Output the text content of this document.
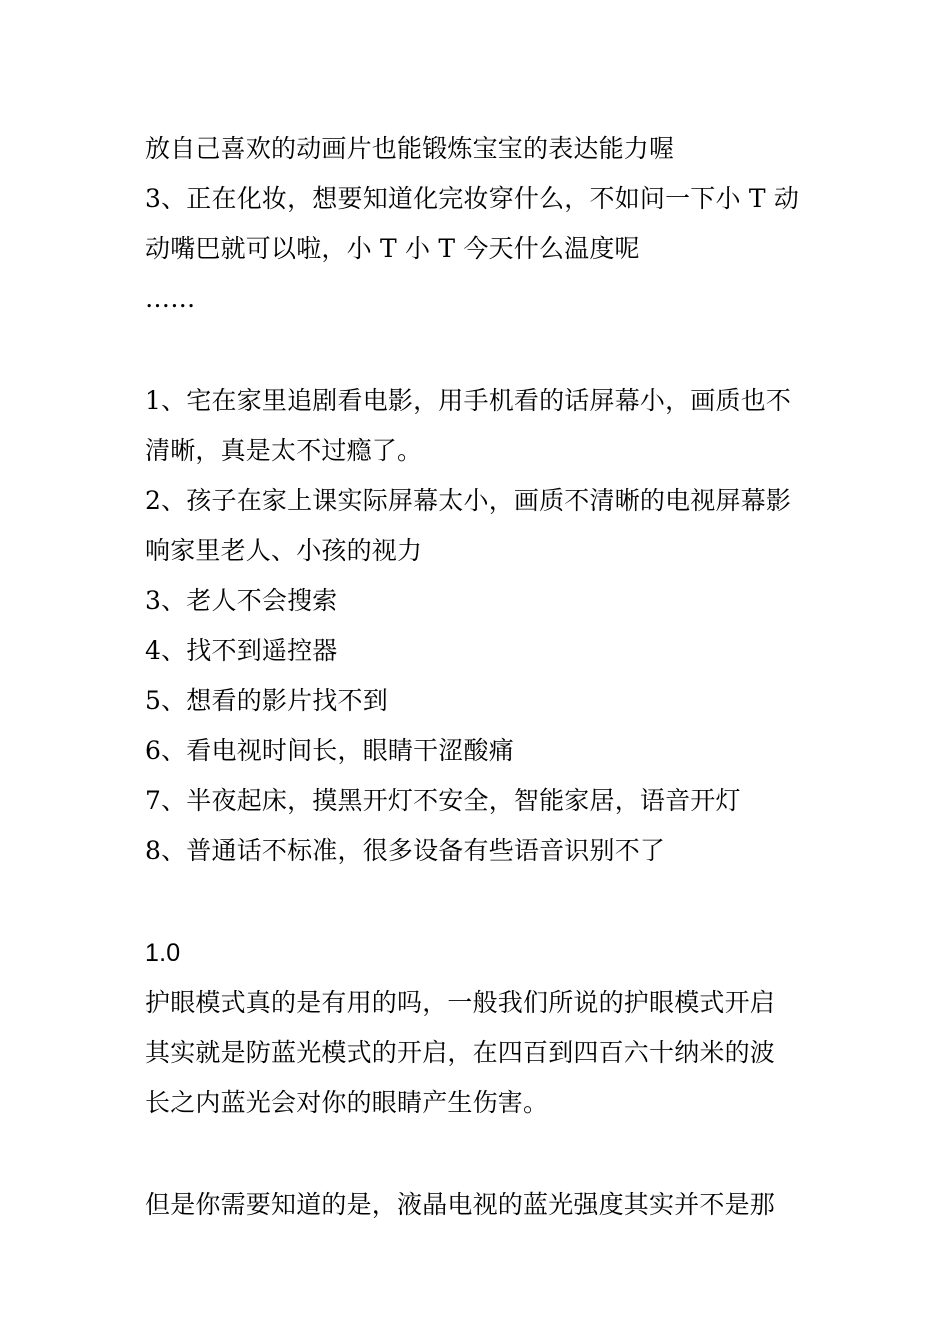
放自己喜欢的动画片也能锻炼宝宝的表达能力喔
3、正在化妆，想要知道化完妆穿什么，不如问一下小 T 动
动嘴巴就可以啦，小 T 小 T 今天什么温度呢
……
1、宅在家里追剧看电影，用手机看的话屏幕小，画质也不
清晰，真是太不过瘾了。
2、孩子在家上课实际屏幕太小，画质不清晰的电视屏幕影
响家里老人、小孩的视力
3、老人不会搜索
4、找不到遥控器
5、想看的影片找不到
6、看电视时间长，眼睛干涩酸痛
7、半夜起床，摸黑开灯不安全，智能家居，语音开灯
8、普通话不标准，很多设备有些语音识别不了
1.0
护眼模式真的是有用的吗，一般我们所说的护眼模式开启
其实就是防蓝光模式的开启，在四百到四百六十纳米的波
长之内蓝光会对你的眼睛产生伤害。
但是你需要知道的是，液晶电视的蓝光强度其实并不是那
